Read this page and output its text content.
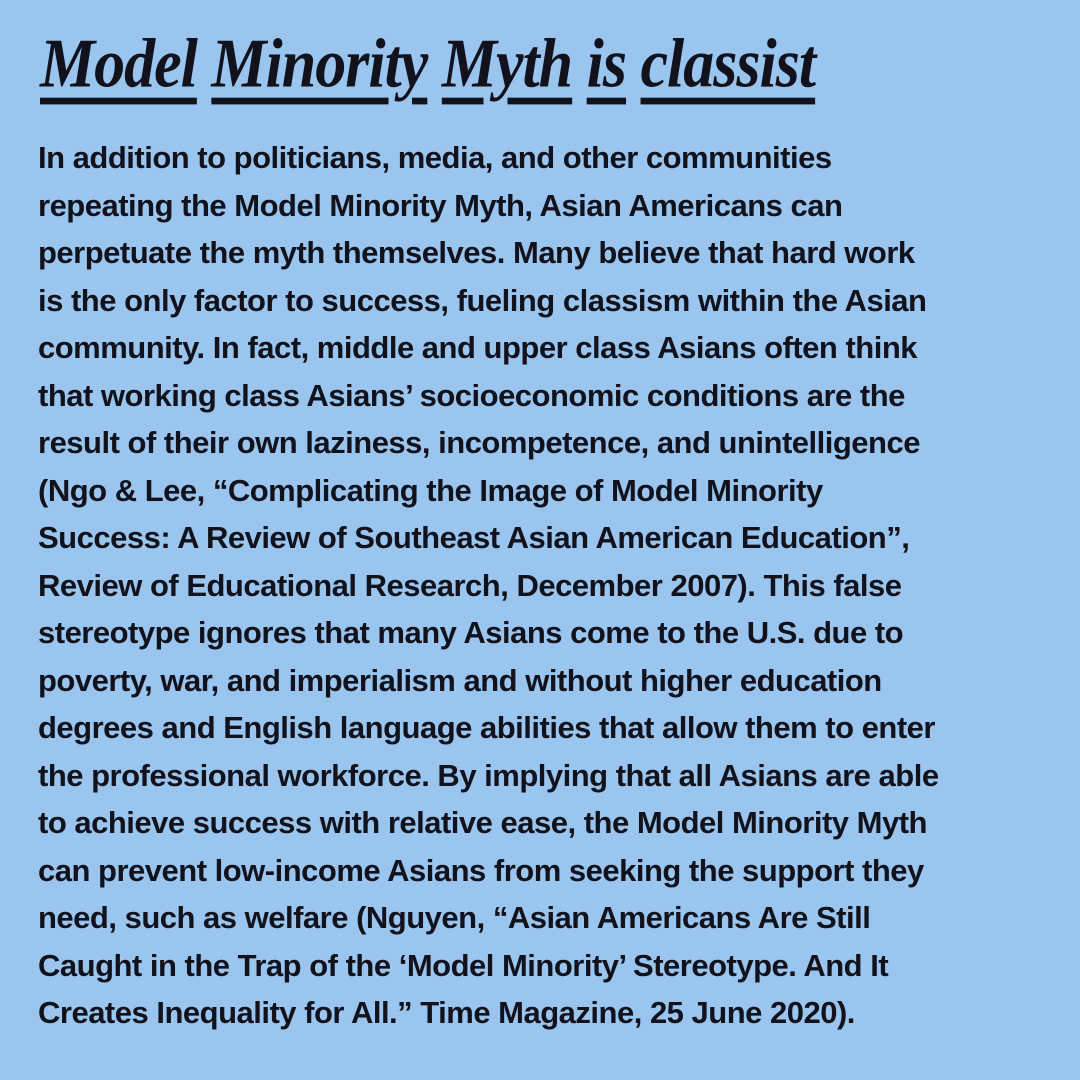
Model Minority Myth is classist

In addition to politicians, media, and other communities

repeating the Model Minority Myth, Asian Americans can

perpetuate the myth themselves. Many believe that hard work

is the only factor to success, fueling classism within the Asian

community. In fact, middle and upper class Asians often think

that working class Asians’ socioeconomic conditions are the

result of their own laziness, incompetence, and unintelligence

(Ngo & Lee, “Complicating the Image of Model Minority

Success: A Review of Southeast Asian American Education”,

Review of Educational Research, December 2007). This false

stereotype ignores that many Asians come to the U.S. due to

poverty, war, and imperialism and without higher education

degrees and English language abilities that allow them to enter

the professional workforce. By implying that all Asians are able

to achieve success with relative ease, the Model Minority Myth

can prevent low-income Asians from seeking the support they

need, such as welfare (Nguyen, “Asian Americans Are Still

Caught in the Trap of the ‘Model Minority’ Stereotype. And It

Creates Inequality for All.” Time Magazine, 25 June 2020).
